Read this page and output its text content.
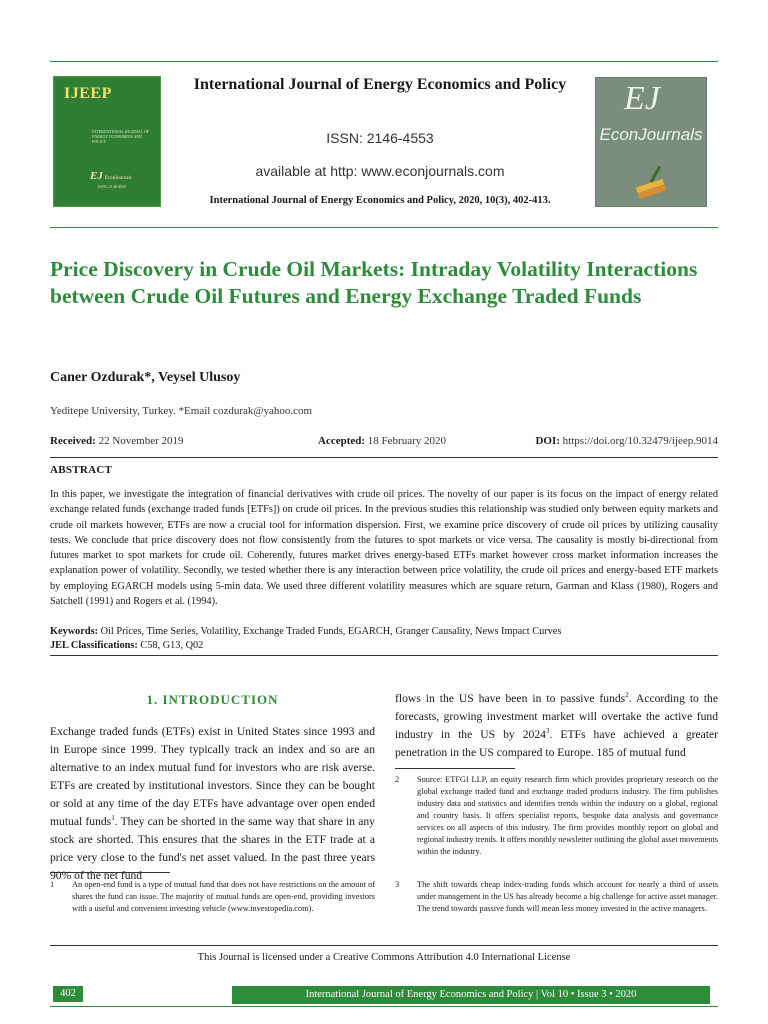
IJEEP
INTERNATIONAL JOURNAL OF ENERGY ECONOMICS AND POLICY
EJ EconJournals
ISSN: 2146-4553
International Journal of Energy Economics and Policy
ISSN: 2146-4553
available at http: www.econjournals.com
International Journal of Energy Economics and Policy, 2020, 10(3), 402-413.
EJ
EconJournals
Price Discovery in Crude Oil Markets: Intraday Volatility Interactions between Crude Oil Futures and Energy Exchange Traded Funds
Caner Ozdurak*, Veysel Ulusoy
Yeditepe University, Turkey. *Email cozdurak@yahoo.com
Received: 22 November 2019	Accepted: 18 February 2020	DOI: https://doi.org/10.32479/ijeep.9014
ABSTRACT
In this paper, we investigate the integration of financial derivatives with crude oil prices. The novelty of our paper is its focus on the impact of energy related exchange related funds (exchange traded funds [ETFs]) on crude oil prices. In the previous studies this relationship was studied only between equity markets and crude oil markets however, ETFs are now a crucial tool for information dispersion. First, we examine price discovery of crude oil prices by utilizing causality tests. We conclude that price discovery does not flow consistently from the futures to spot markets or vice versa. The causality is mostly bi-directional from futures market to spot markets for crude oil. Coherently, futures market drives energy-based ETFs market however cross market information increases the explanation power of volatility. Secondly, we tested whether there is any interaction between price volatility, the crude oil prices and energy-based ETF markets by employing EGARCH models using 5-min data. We used three different volatility measures which are square return, Garman and Klass (1980), Rogers and Satchell (1991) and Rogers et al. (1994).
Keywords: Oil Prices, Time Series, Volatility, Exchange Traded Funds, EGARCH, Granger Causality, News Impact Curves
JEL Classifications: C58, G13, Q02
1. INTRODUCTION
Exchange traded funds (ETFs) exist in United States since 1993 and in Europe since 1999. They typically track an index and so are an alternative to an index mutual fund for investors who are risk averse. ETFs are created by institutional investors. Since they can be bought or sold at any time of the day ETFs have advantage over open ended mutual funds$^1$. They can be shorted in the same way that share in any stock are shorted. This ensures that the shares in the ETF trade at a price very close to the fund's net asset valued. In the past three years 90% of the net fund
flows in the US have been in to passive funds$^2$. According to the forecasts, growing investment market will overtake the active fund industry in the US by 2024$^3$. ETFs have achieved a greater penetration in the US compared to Europe. 185 of mutual fund
1	An open-end fund is a type of mutual fund that does not have restrictions on the amount of shares the fund can issue. The majority of mutual funds are open-end, providing investors with a useful and convenient investing vehicle (www.investopedia.com).
2	Source: ETFGI LLP, an equity research firm which provides proprietary research on the global exchange traded fund and exchange traded products industry. The firm publishes industry data and statistics and identifies trends within the industry on a global, regional and country basis. It offers specialist reports, bespoke data analysis and governance services on all aspects of this industry. The firm provides monthly report on global and regional industry trends. It offers monthly newsletter outlining the global asset movements within the industry.
3	The shift towards cheap index-trading funds which account for nearly a third of assets under management in the US has already become a big challenge for active asset manager. The trend towards passive funds will mean less money invested in the active managers.
This Journal is licensed under a Creative Commons Attribution 4.0 International License
402	International Journal of Energy Economics and Policy | Vol 10 • Issue 3 • 2020
